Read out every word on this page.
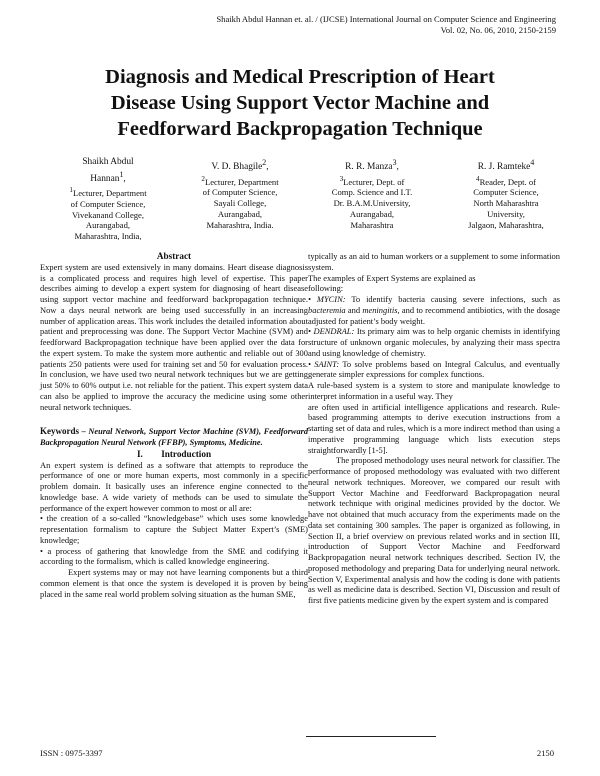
Shaikh Abdul Hannan et. al. / (IJCSE) International Journal on Computer Science and Engineering
Vol. 02, No. 06, 2010, 2150-2159
Diagnosis and Medical Prescription of Heart
Disease Using Support Vector Machine and
Feedforward Backpropagation Technique
Shaikh Abdul
Hannan$^1$,
$^1$Lecturer, Department
of Computer Science,
Vivekanand College,
Aurangabad,
Maharashtra, India,
V. D. Bhagile$^2$,
$^2$Lecturer, Department
of Computer Science,
Sayali College,
Aurangabad,
Maharashtra, India.
R. R. Manza$^3$,
$^3$Lecturer, Dept. of
Comp. Science and I.T.
Dr. B.A.M.University,
Aurangabad,
Maharashtra
R. J. Ramteke$^4$
$^4$Reader, Dept. of
Computer Science,
North Maharashtra
University,
Jalgaon, Maharashtra,

Abstract

Expert system are used extensively in many domains. Heart disease diagnosis is a complicated process and requires high level of expertise. This paper describes aiming to develop a expert system for diagnosing of heart disease using support vector machine and feedforward backpropagation technique. Now a days neural network are being used successfully in an increasing number of application areas. This work includes the detailed information about patient and preprocessing was done. The Support Vector Machine (SVM) and feedforward Backpropagation technique have been applied over the data for the expert system. To make the system more authentic and reliable out of 300 patients 250 patients were used for training set and 50 for evaluation process. In conclusion, we have used two neural network techniques but we are getting just 50% to 60% output i.e. not reliable for the patient. This expert system data can also be applied to improve the accuracy the medicine using some other neural network techniques.

Keywords – Neural Network, Support Vector Machine (SVM), Feedforward Backpropagation Neural Network (FFBP), Symptoms, Medicine.

I. Introduction

An expert system is defined as a software that attempts to reproduce the performance of one or more human experts, most commonly in a specific problem domain. It basically uses an inference engine connected to the knowledge base. A wide variety of methods can be used to simulate the performance of the expert however common to most or all are:

• the creation of a so-called “knowledgebase” which uses some knowledge representation formalism to capture the Subject Matter Expert’s (SME) knowledge;

• a process of gathering that knowledge from the SME and codifying it according to the formalism, which is called knowledge engineering.

Expert systems may or may not have learning components but a third common element is that once the system is developed it is proven by being placed in the same real world problem solving situation as the human SME,

typically as an aid to human workers or a supplement to some information system.

The examples of Expert Systems are explained as

following:

• MYCIN: To identify bacteria causing severe infections, such as bacteremia and meningitis, and to recommend antibiotics, with the dosage adjusted for patient’s body weight.

• DENDRAL: Its primary aim was to help organic chemists in identifying structure of unknown organic molecules, by analyzing their mass spectra and using knowledge of chemistry.

• SAINT: To solve problems based on Integral Calculus, and eventually generate simpler expressions for complex functions.

A rule-based system is a system to store and manipulate knowledge to interpret information in a useful way. They

are often used in artificial intelligence applications and research. Rule-based programming attempts to derive execution instructions from a starting set of data and rules, which is a more indirect method than using a imperative programming language which lists execution steps straightforwardly [1-5].

The proposed methodology uses neural network for classifier. The performance of proposed methodology was evaluated with two different neural network techniques. Moreover, we compared our result with Support Vector Machine and Feedforward Backpropagation neural network technique with original medicines provided by the doctor. We have not obtained that much accuracy from the experiments made on the data set containing 300 samples. The paper is organized as following, in Section II, a brief overview on previous related works and in section III, introduction of Support Vector Machine and Feedforward Backpropagation neural network techniques described. Section IV, the proposed methodology and preparing Data for underlying neural network. Section V, Experimental analysis and how the coding is done with patients as well as medicine data is described. Section VI, Discussion and result of first five patients medicine given by the expert system and is compared

ISSN : 0975-3397	2150
